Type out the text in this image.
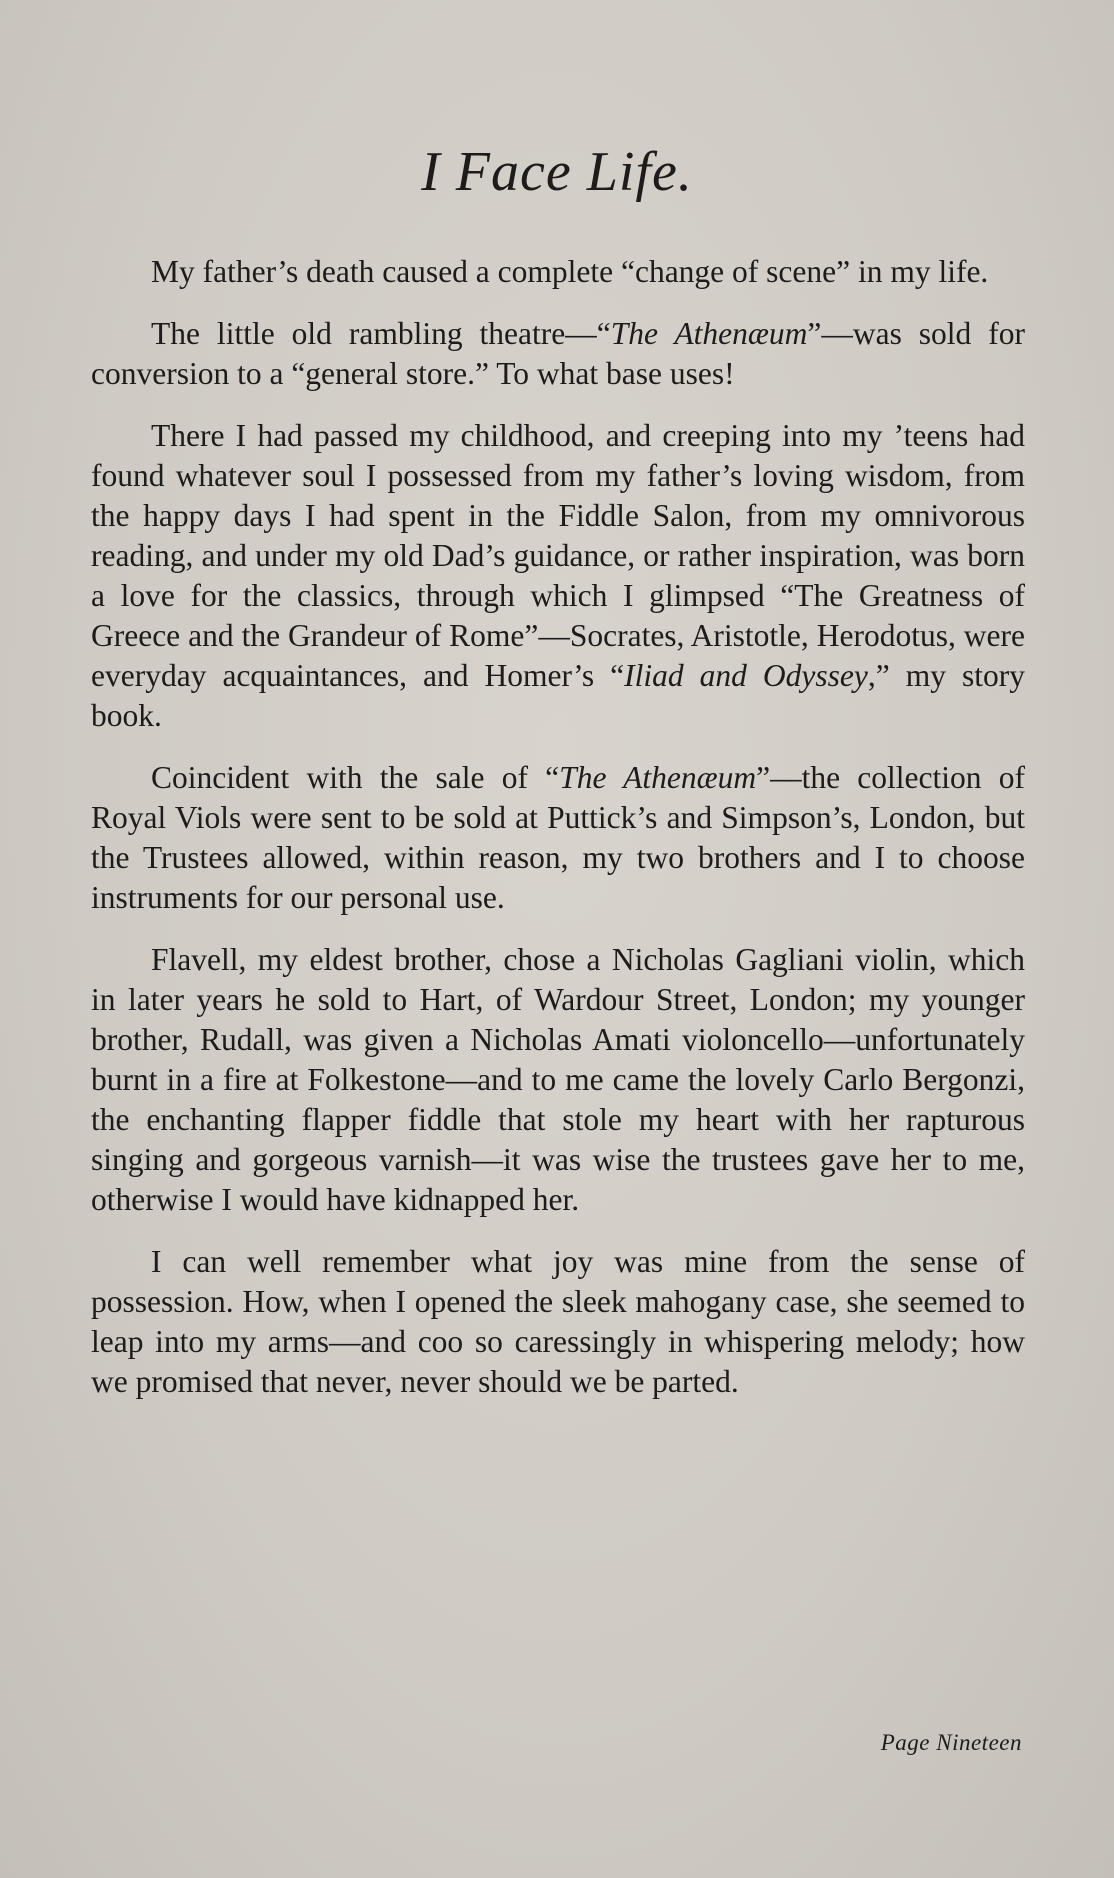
I Face Life.

My father’s death caused a complete “change of scene” in my life.

The little old rambling theatre—“The Athenæum”—was sold for conversion to a “general store.” To what base uses!

There I had passed my childhood, and creeping into my ’teens had found whatever soul I possessed from my father’s loving wisdom, from the happy days I had spent in the Fiddle Salon, from my omnivorous reading, and under my old Dad’s guidance, or rather inspiration, was born a love for the classics, through which I glimpsed “The Greatness of Greece and the Grandeur of Rome”—Socrates, Aristotle, Herodotus, were everyday acquaintances, and Homer’s “Iliad and Odyssey,” my story book.

Coincident with the sale of “The Athenæum”—the collection of Royal Viols were sent to be sold at Puttick’s and Simpson’s, London, but the Trustees allowed, within reason, my two brothers and I to choose instruments for our personal use.

Flavell, my eldest brother, chose a Nicholas Gagliani violin, which in later years he sold to Hart, of Wardour Street, London; my younger brother, Rudall, was given a Nicholas Amati violoncello—unfortunately burnt in a fire at Folkestone—and to me came the lovely Carlo Bergonzi, the enchanting flapper fiddle that stole my heart with her rapturous singing and gorgeous varnish—it was wise the trustees gave her to me, otherwise I would have kidnapped her.

I can well remember what joy was mine from the sense of possession. How, when I opened the sleek mahogany case, she seemed to leap into my arms—and coo so caressingly in whispering melody; how we promised that never, never should we be parted.

Page Nineteen
